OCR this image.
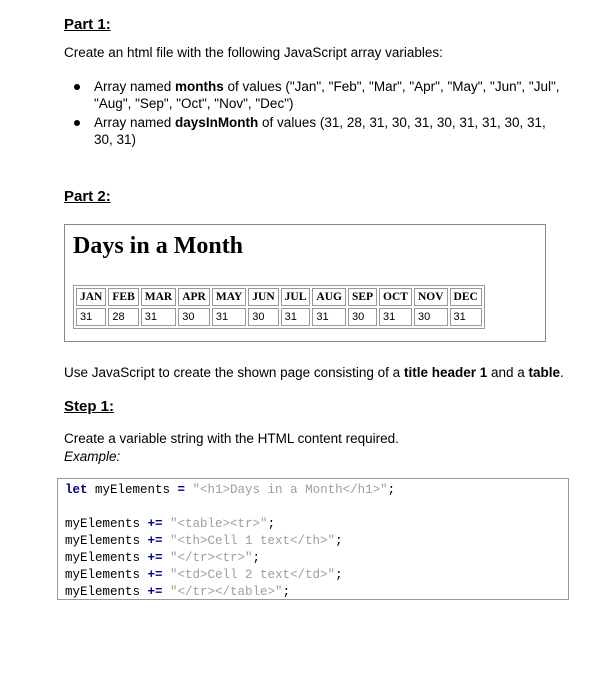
Part 1:
Create an html file with the following JavaScript array variables:
Array named months of values ("Jan", "Feb", "Mar", "Apr", "May", "Jun", "Jul", "Aug", "Sep", "Oct", "Nov", "Dec")
Array named daysInMonth of values (31, 28, 31, 30, 31, 30, 31, 31, 30, 31, 30, 31)
Part 2:
Days in a Month
JAN	FEB	MAR	APR	MAY	JUN	JUL	AUG	SEP	OCT	NOV	DEC
31	28	31	30	31	30	31	31	30	31	30	31
Use JavaScript to create the shown page consisting of a title header 1 and a table.
Step 1:
Create a variable string with the HTML content required.
Example:
let myElements = "<h1>Days in a Month</h1>";
myElements += "<table><tr>";
myElements += "<th>Cell 1 text</th>";
myElements += "</tr><tr>";
myElements += "<td>Cell 2 text</td>";
myElements += "</tr></table>";
